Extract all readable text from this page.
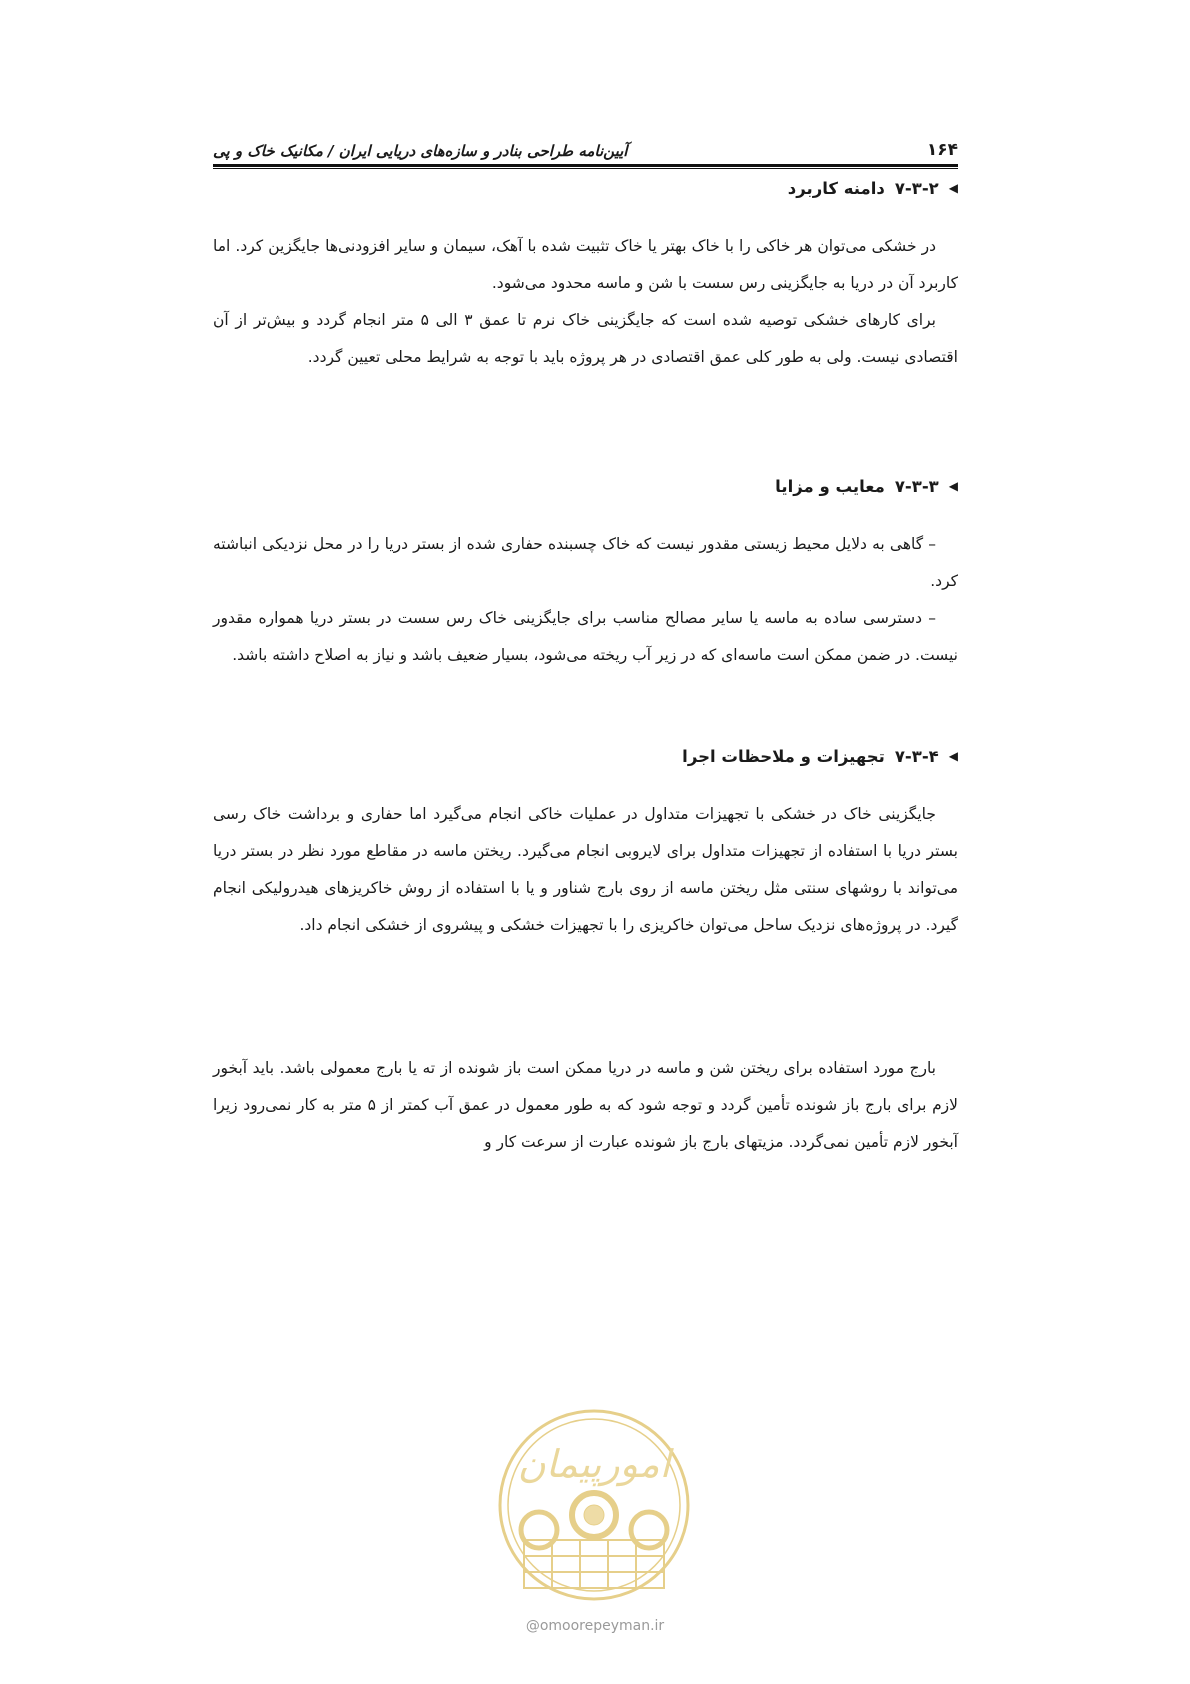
۱۶۴
آیین‌نامه طراحی بنادر و سازه‌های دریایی ایران / مکانیک خاک و پی
◀
۷-۳-۲
دامنه کاربرد

در خشکی می‌توان هر خاکی را با خاک بهتر یا خاک تثبیت شده با آهک، سیمان و سایر افزودنی‌ها جایگزین کرد. اما کاربرد آن در دریا به جایگزینی رس سست با شن و ماسه محدود می‌شود.

برای کارهای خشکی توصیه شده است که جایگزینی خاک نرم تا عمق ۳ الی ۵ متر انجام گردد و بیش‌تر از آن اقتصادی نیست. ولی به طور کلی عمق اقتصادی در هر پروژه باید با توجه به شرایط محلی تعیین گردد.

◀
۷-۳-۳
معایب و مزایا

– گاهی به دلایل محیط زیستی مقدور نیست که خاک چسبنده حفاری شده از بستر دریا را در محل نزدیکی انباشته کرد.

– دسترسی ساده به ماسه یا سایر مصالح مناسب برای جایگزینی خاک رس سست در بستر دریا همواره مقدور نیست. در ضمن ممکن است ماسه‌ای که در زیر آب ریخته می‌شود، بسیار ضعیف باشد و نیاز به اصلاح داشته باشد.

◀
۷-۳-۴
تجهیزات و ملاحظات اجرا

جایگزینی خاک در خشکی با تجهیزات متداول در عملیات خاکی انجام می‌گیرد اما حفاری و برداشت خاک رسی بستر دریا با استفاده از تجهیزات متداول برای لایروبی انجام می‌گیرد. ریختن ماسه در مقاطع مورد نظر در بستر دریا می‌تواند با روشهای سنتی مثل ریختن ماسه از روی بارج شناور و یا با استفاده از روش خاکریزهای هیدرولیکی انجام گیرد. در پروژه‌های نزدیک ساحل می‌توان خاکریزی را با تجهیزات خشکی و پیشروی از خشکی انجام داد.

بارج مورد استفاده برای ریختن شن و ماسه در دریا ممکن است باز شونده از ته یا بارج معمولی باشد. باید آبخور لازم برای بارج باز شونده تأمین گردد و توجه شود که به طور معمول در عمق آب کمتر از ۵ متر به کار نمی‌رود زیرا آبخور لازم تأمین نمی‌گردد. مزیتهای بارج باز شونده عبارت از سرعت کار و

امورپیمان
@omoorepeyman.ir
